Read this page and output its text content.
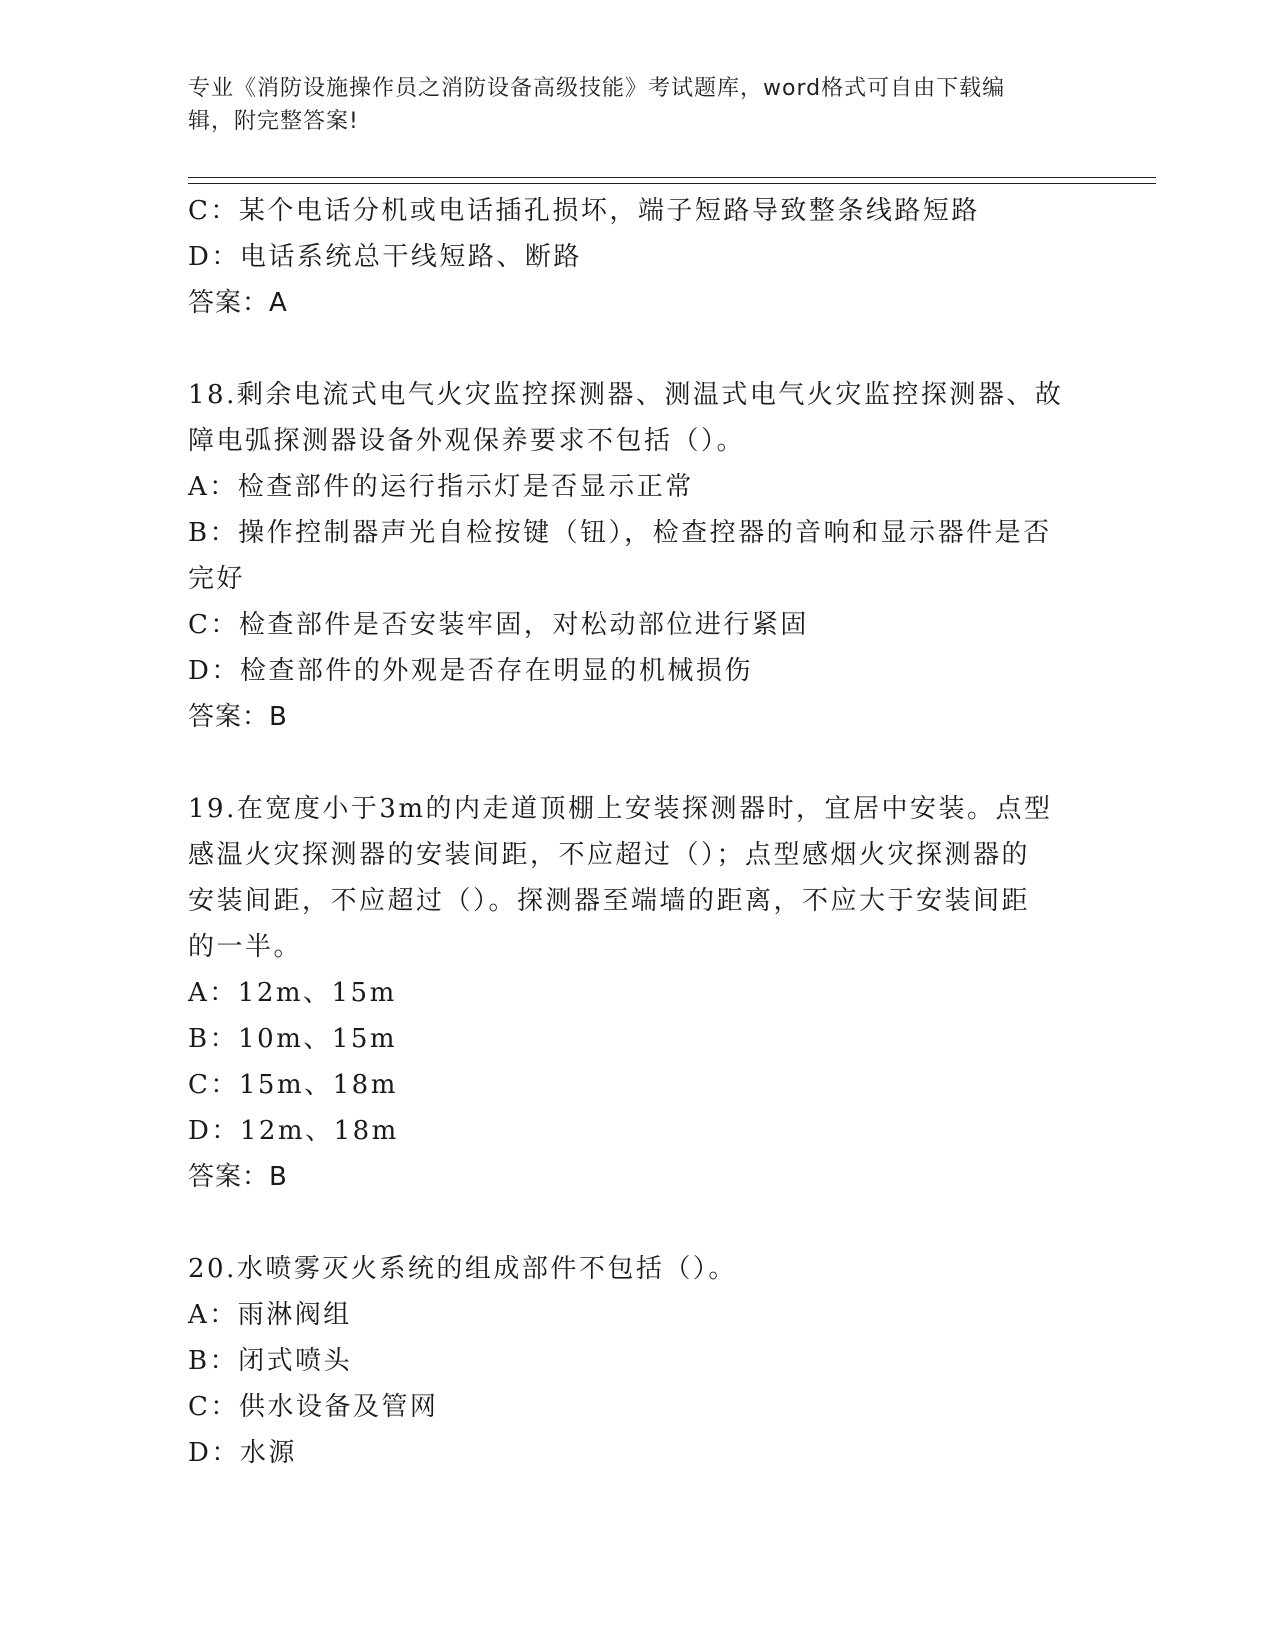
专业《消防设施操作员之消防设备高级技能》考试题库，word格式可自由下载编
辑，附完整答案!
C：某个电话分机或电话插孔损坏，端子短路导致整条线路短路
D：电话系统总干线短路、断路
答案：A
18.剩余电流式电气火灾监控探测器、测温式电气火灾监控探测器、故
障电弧探测器设备外观保养要求不包括（）。
A：检查部件的运行指示灯是否显示正常
B：操作控制器声光自检按键（钮），检查控器的音响和显示器件是否
完好
C：检查部件是否安装牢固，对松动部位进行紧固
D：检查部件的外观是否存在明显的机械损伤
答案：B
19.在宽度小于3m的内走道顶棚上安装探测器时，宜居中安装。点型
感温火灾探测器的安装间距，不应超过（）；点型感烟火灾探测器的
安装间距，不应超过（）。探测器至端墙的距离，不应大于安装间距
的一半。
A：12m、15m
B：10m、15m
C：15m、18m
D：12m、18m
答案：B
20.水喷雾灭火系统的组成部件不包括（）。
A：雨淋阀组
B：闭式喷头
C：供水设备及管网
D：水源
